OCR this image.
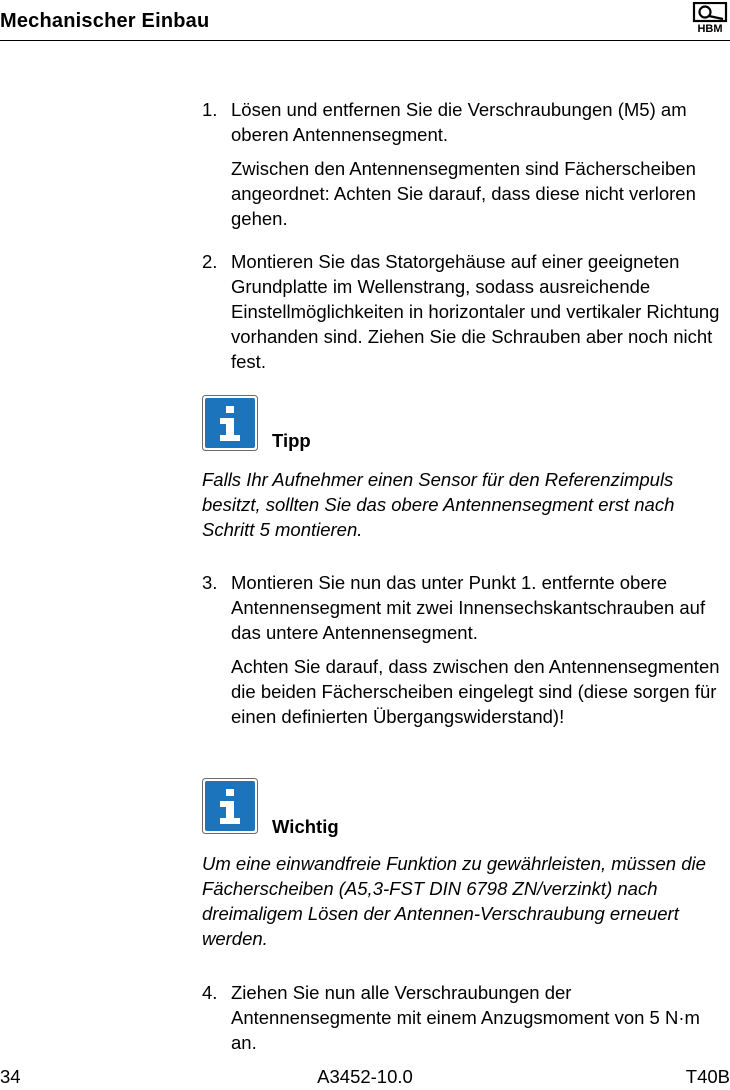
Mechanischer Einbau	HBM
1. Lösen und entfernen Sie die Verschraubungen (M5) am oberen Antennensegment.

Zwischen den Antennensegmenten sind Fächerscheiben angeordnet: Achten Sie darauf, dass diese nicht verloren gehen.

2. Montieren Sie das Statorgehäuse auf einer geeigneten Grundplatte im Wellenstrang, sodass ausreichende Einstellmöglichkeiten in horizontaler und vertikaler Richtung vorhanden sind. Ziehen Sie die Schrauben aber noch nicht fest.

Tipp
Falls Ihr Aufnehmer einen Sensor für den Referenzimpuls besitzt, sollten Sie das obere Antennensegment erst nach Schritt 5 montieren.
3. Montieren Sie nun das unter Punkt 1. entfernte obere Antennensegment mit zwei Innensechskantschrauben auf das untere Antennensegment.

Achten Sie darauf, dass zwischen den Antennensegmenten die beiden Fächerscheiben eingelegt sind (diese sorgen für einen definierten Übergangswiderstand)!

Wichtig
Um eine einwandfreie Funktion zu gewährleisten, müssen die Fächerscheiben (A5,3-FST DIN 6798 ZN/verzinkt) nach dreimaligem Lösen der Antennen-Verschraubung erneuert werden.
4. Ziehen Sie nun alle Verschraubungen der Antennensegmente mit einem Anzugsmoment von 5 N·m an.

34	A3452-10.0	T40B
